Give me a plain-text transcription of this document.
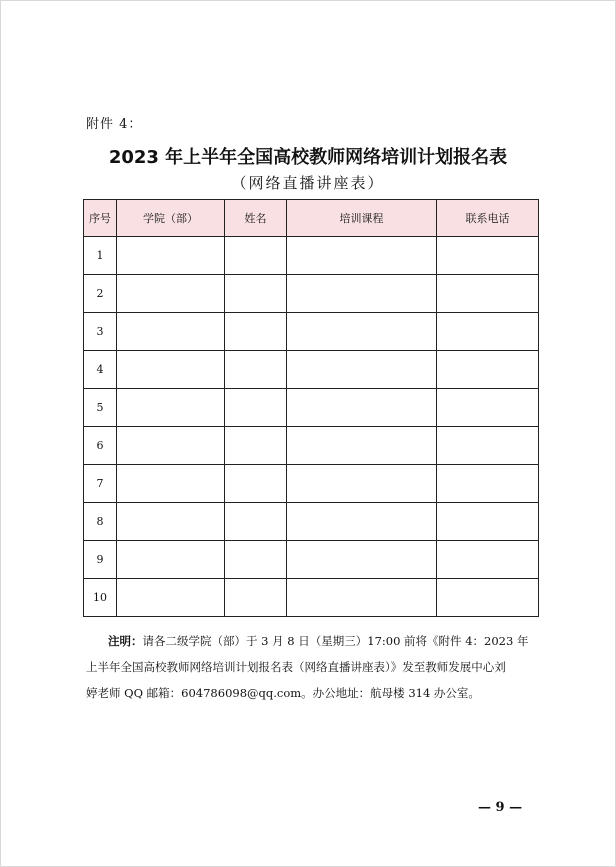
附件 4：
2023 年上半年全国高校教师网络培训计划报名表
（网络直播讲座表）
序号	学院（部）	姓名	培训课程	联系电话
1				
2				
3				
4				
5				
6				
7				
8				
9				
10				
注明：请各二级学院（部）于 3 月 8 日（星期三）17:00 前将《附件 4：2023 年
上半年全国高校教师网络培训计划报名表（网络直播讲座表）》发至教师发展中心刘
婷老师 QQ 邮箱：604786098@qq.com。办公地址：航母楼 314 办公室。
— 9 —
